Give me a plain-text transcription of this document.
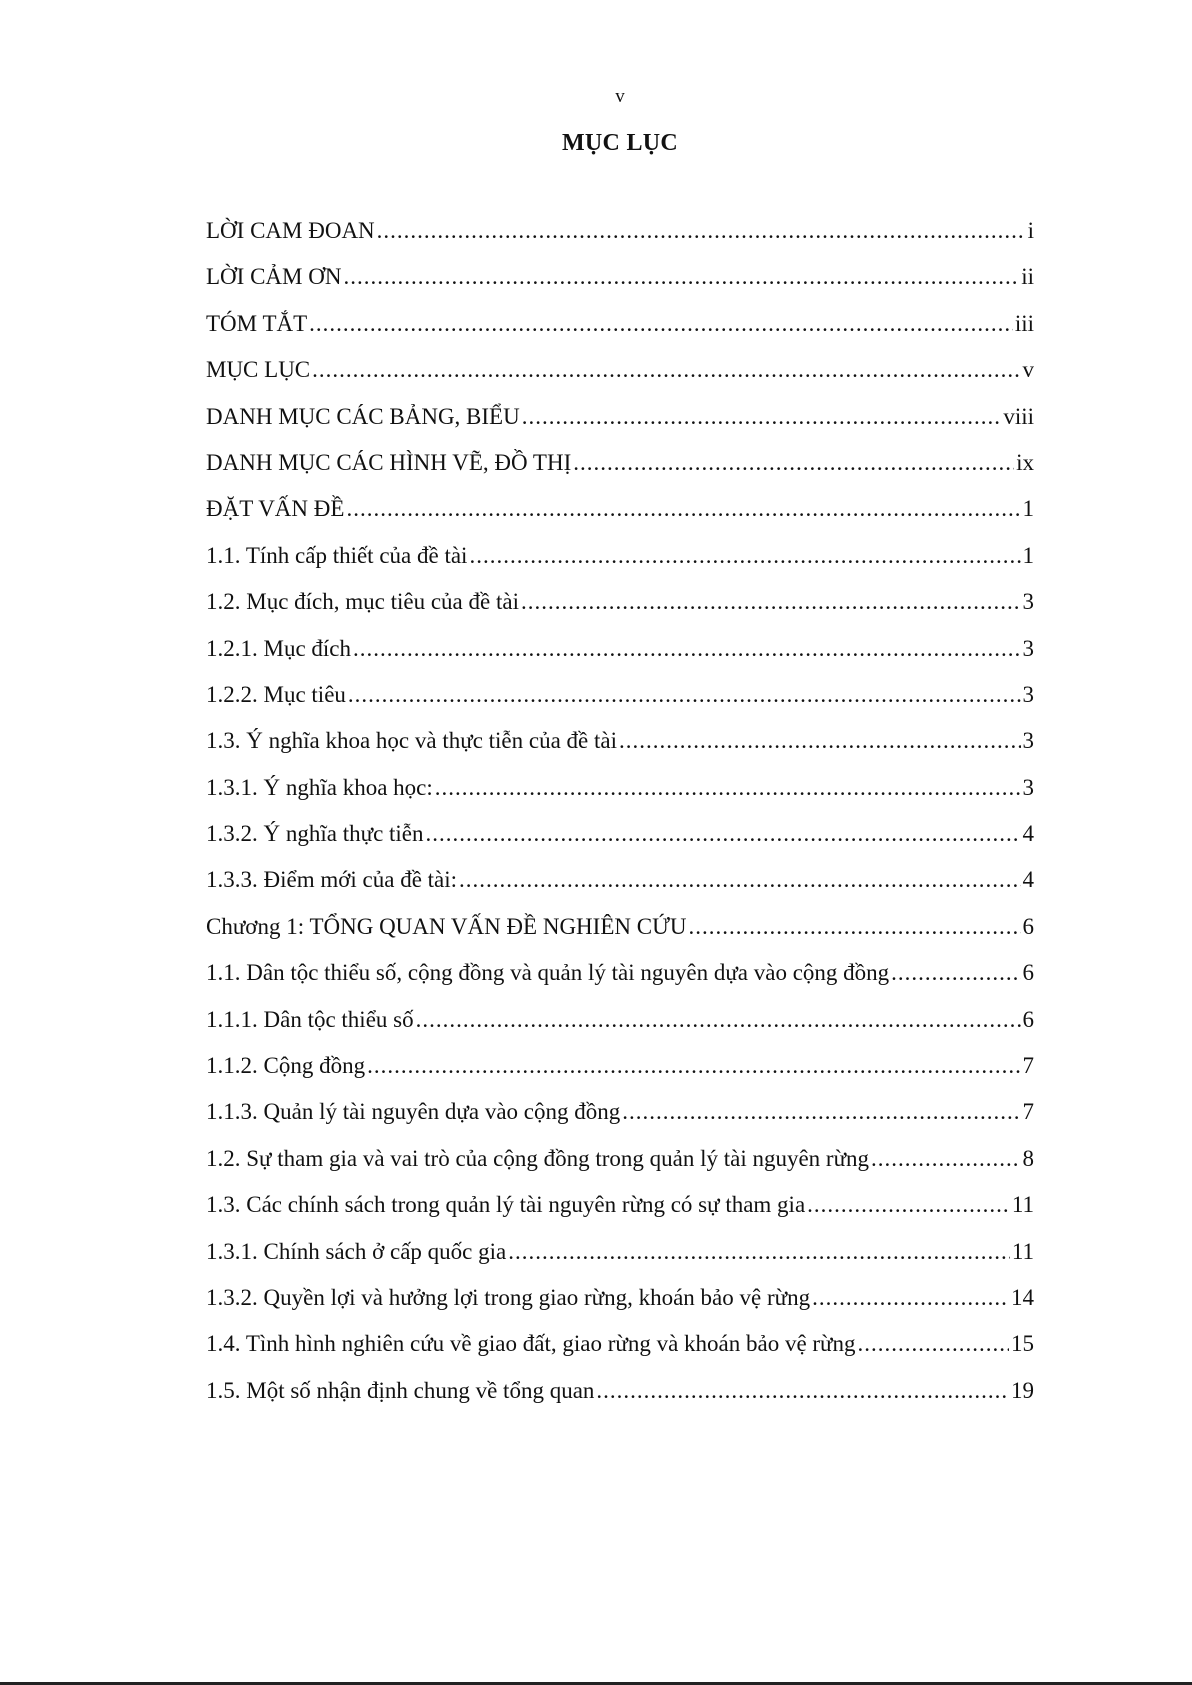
v
MỤC LỤC
LỜI CAM ĐOAN .....	i
LỜI CẢM ƠN .....	ii
TÓM TẮT .....	iii
MỤC LỤC .....	v
DANH MỤC CÁC BẢNG, BIỂU .....	viii
DANH MỤC CÁC HÌNH VẼ, ĐỒ THỊ .....	ix
ĐẶT VẤN ĐỀ .....	1
1.1. Tính cấp thiết của đề tài .....	1
1.2. Mục đích, mục tiêu của đề tài .....	3
1.2.1. Mục đích .....	3
1.2.2. Mục tiêu .....	3
1.3. Ý nghĩa khoa học và thực tiễn của đề tài .....	3
1.3.1. Ý nghĩa khoa học: .....	3
1.3.2. Ý nghĩa thực tiễn .....	4
1.3.3. Điểm mới của đề tài: .....	4
Chương 1: TỔNG QUAN VẤN ĐỀ NGHIÊN CỨU .....	6
1.1. Dân tộc thiểu số, cộng đồng và quản lý tài nguyên dựa vào cộng đồng .....	6
1.1.1. Dân tộc thiểu số .....	6
1.1.2. Cộng đồng .....	7
1.1.3. Quản lý tài nguyên dựa vào cộng đồng .....	7
1.2. Sự tham gia và vai trò của cộng đồng trong quản lý tài nguyên rừng .....	8
1.3. Các chính sách trong quản lý tài nguyên rừng có sự tham gia .....	11
1.3.1. Chính sách ở cấp quốc gia .....	11
1.3.2. Quyền lợi và hưởng lợi trong giao rừng, khoán bảo vệ rừng .....	14
1.4. Tình hình nghiên cứu về giao đất, giao rừng và khoán bảo vệ rừng .....	15
1.5. Một số nhận định chung về tổng quan .....	19
